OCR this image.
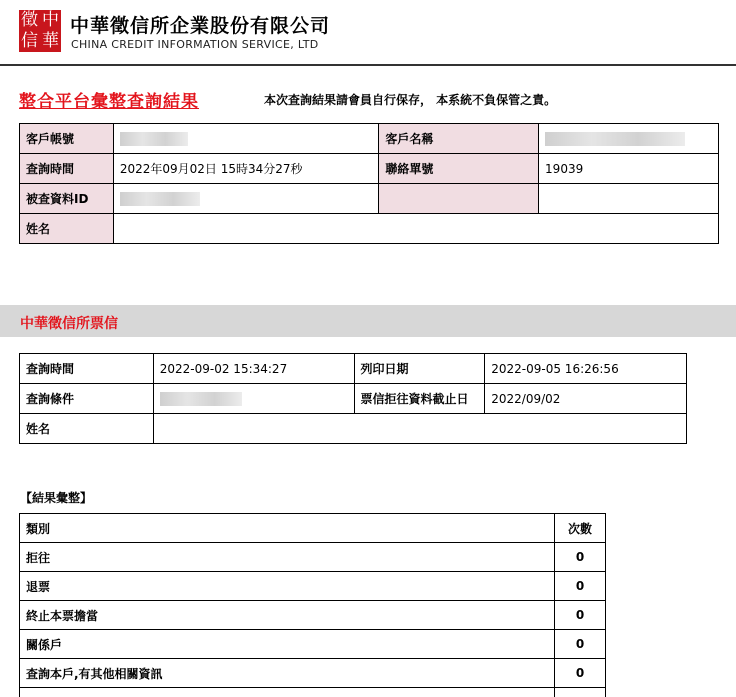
徵 中
信 華
中華徵信所企業股份有限公司
CHINA CREDIT INFORMATION SERVICE, LTD
整合平台彙整查詢結果	本次查詢結果請會員自行保存， 本系統不負保管之責。
客戶帳號		客戶名稱	
查詢時間	2022年09月02日 15時34分27秒	聯絡單號	19039
被查資料ID			
姓名			
中華徵信所票信
查詢時間	2022-09-02 15:34:27	列印日期	2022-09-05 16:26:56
查詢條件		票信拒往資料截止日	2022/09/02
姓名			
【結果彙整】
類別	次數
拒往	0
退票	0
終止本票擔當	0
關係戶	0
查詢本戶,有其他相關資訊	0
